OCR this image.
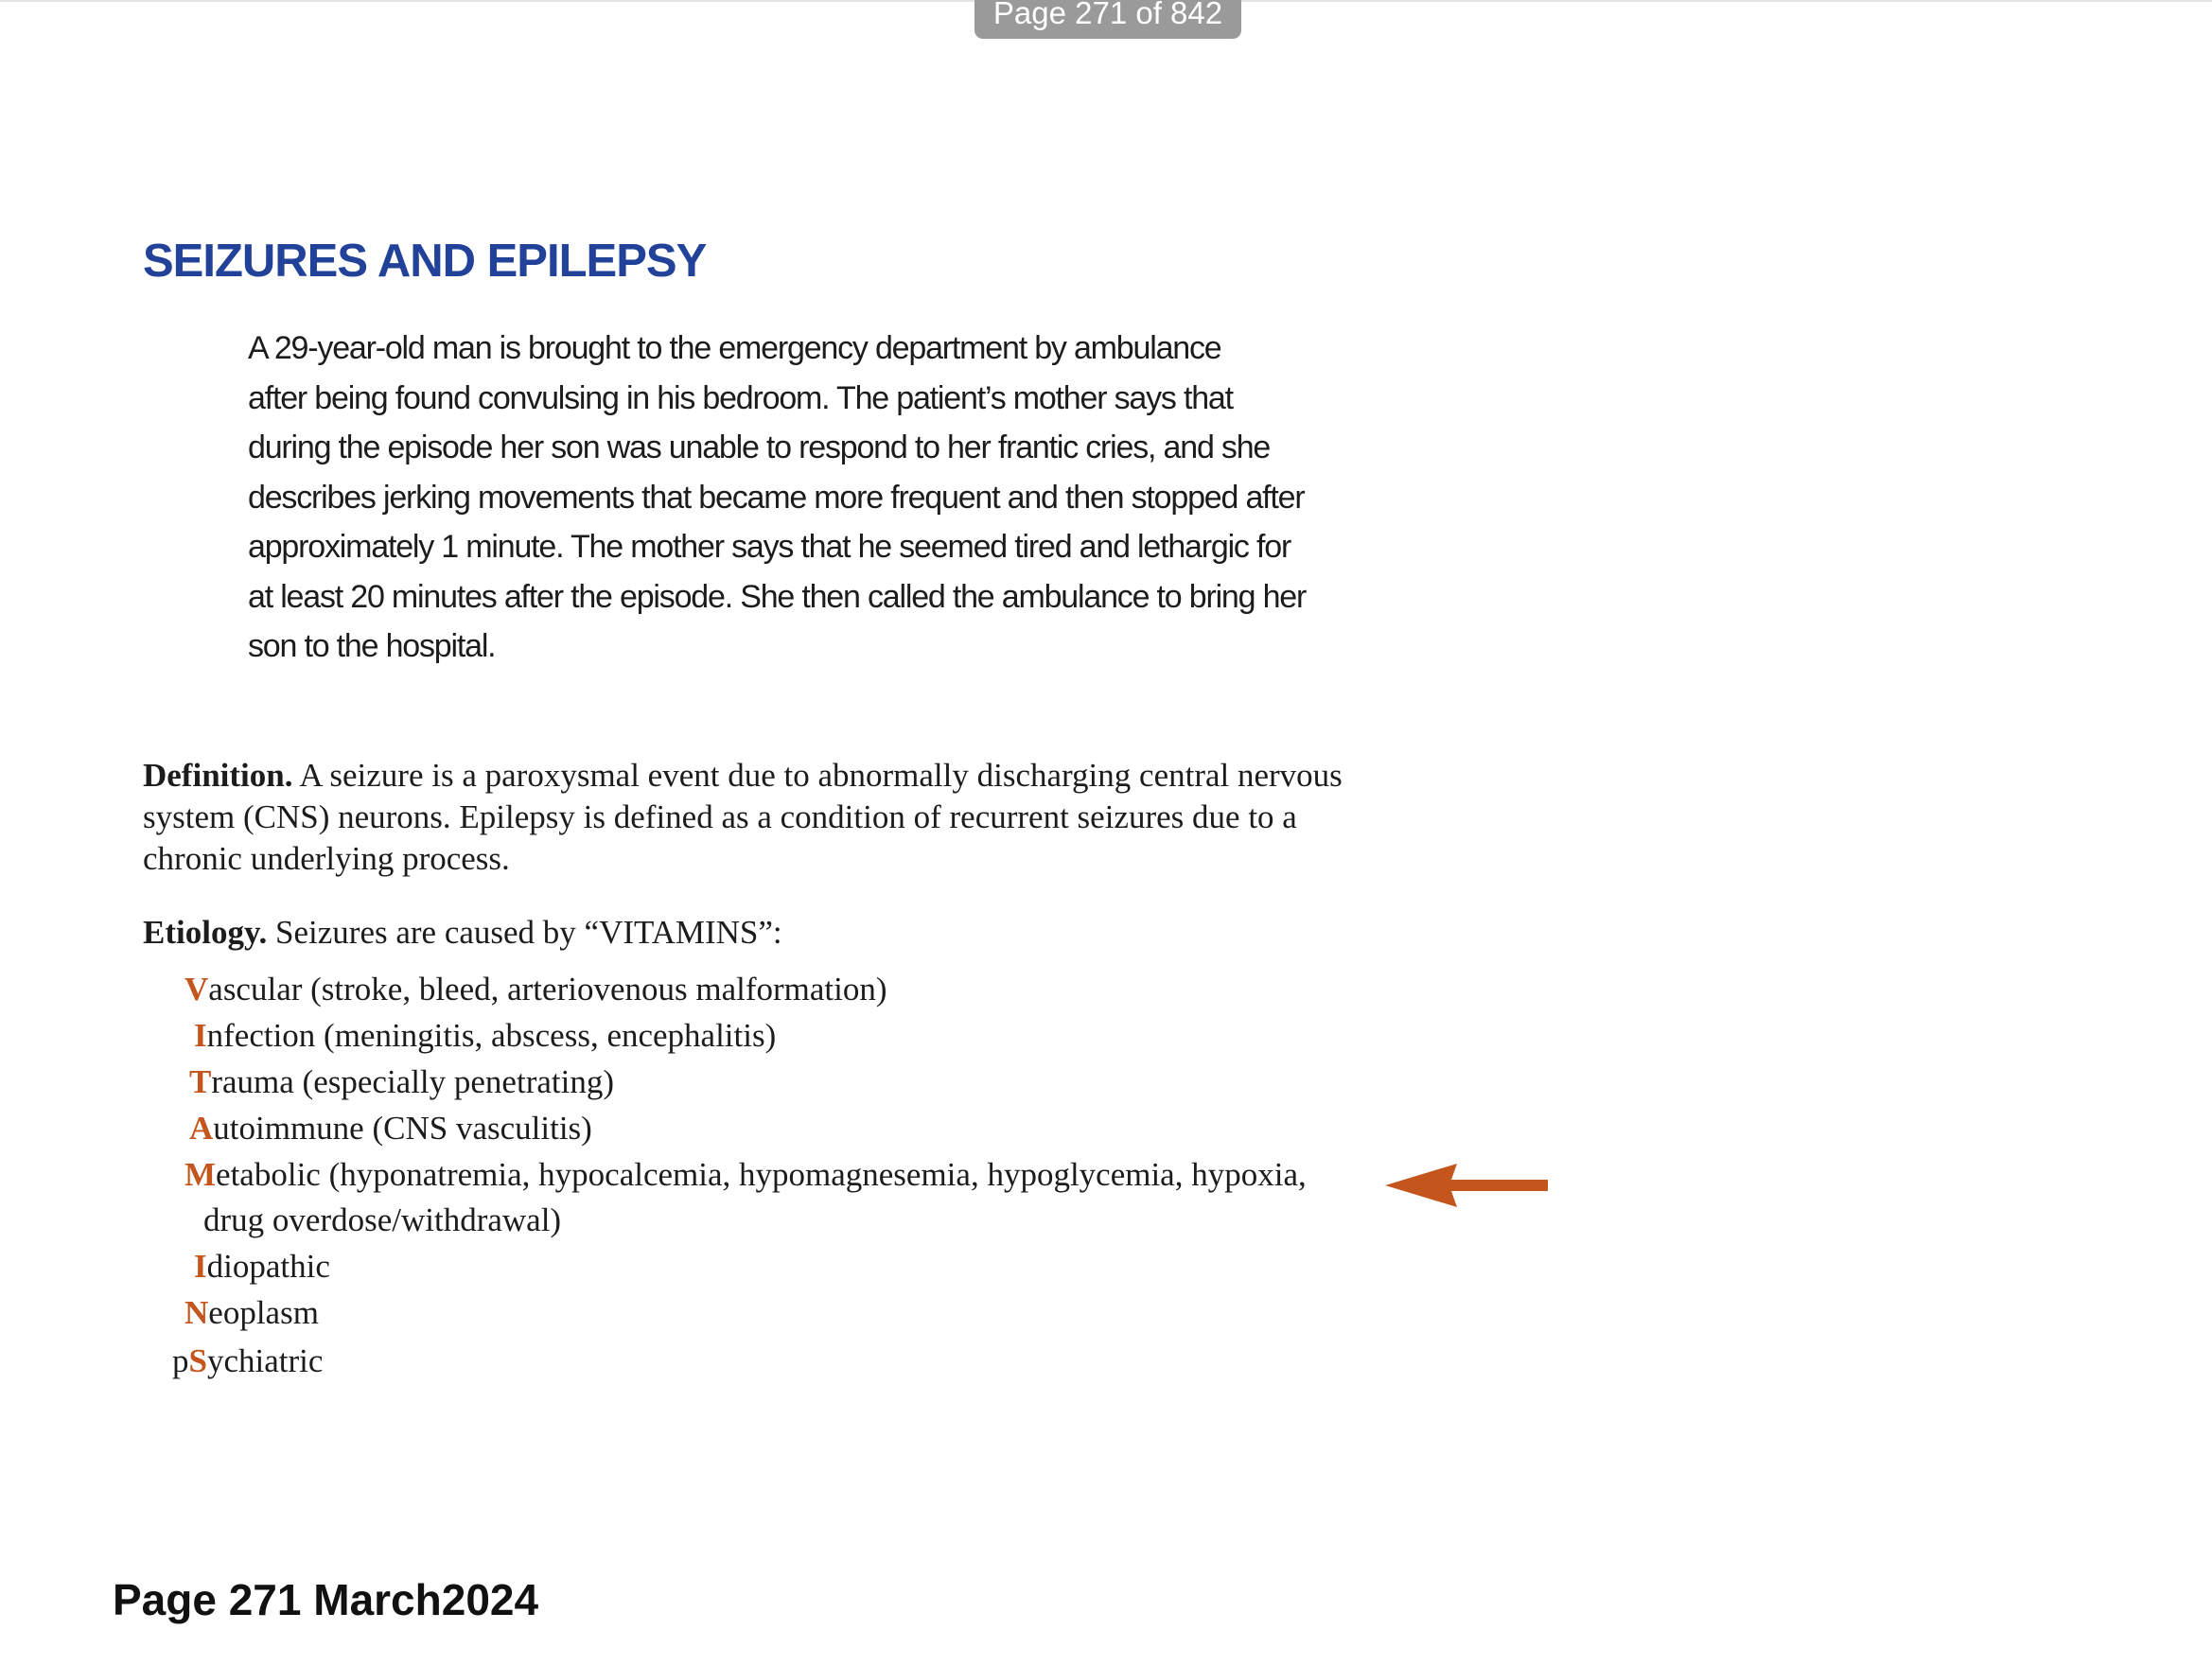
Page 271 of 842
SEIZURES AND EPILEPSY
A 29-year-old man is brought to the emergency department by ambulance
after being found convulsing in his bedroom. The patient’s mother says that
during the episode her son was unable to respond to her frantic cries, and she
describes jerking movements that became more frequent and then stopped after
approximately 1 minute. The mother says that he seemed tired and lethargic for
at least 20 minutes after the episode. She then called the ambulance to bring her
son to the hospital.
Definition. A seizure is a paroxysmal event due to abnormally discharging central nervous
system (CNS) neurons. Epilepsy is defined as a condition of recurrent seizures due to a
chronic underlying process.
Etiology. Seizures are caused by “VITAMINS”:
Vascular (stroke, bleed, arteriovenous malformation)
Infection (meningitis, abscess, encephalitis)
Trauma (especially penetrating)
Autoimmune (CNS vasculitis)
Metabolic (hyponatremia, hypocalcemia, hypomagnesemia, hypoglycemia, hypoxia,
drug overdose/withdrawal)
Idiopathic
Neoplasm
pSychiatric
Page 271 March2024
